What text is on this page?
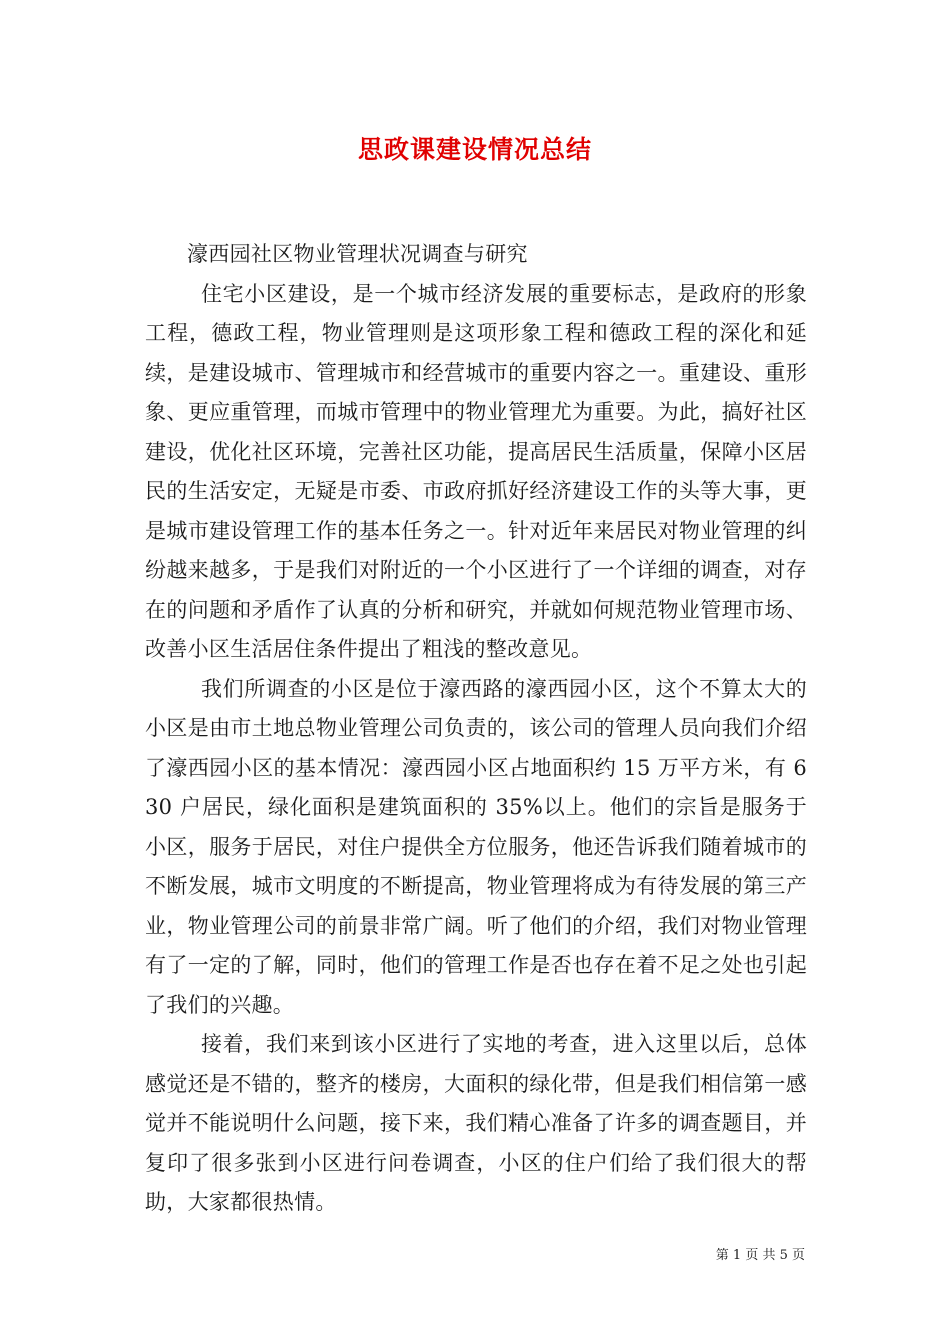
思政课建设情况总结

濠西园社区物业管理状况调查与研究

住宅小区建设，是一个城市经济发展的重要标志，是政府的形象工程，德政工程，物业管理则是这项形象工程和德政工程的深化和延续，是建设城市、管理城市和经营城市的重要内容之一。重建设、重形象、更应重管理，而城市管理中的物业管理尤为重要。为此，搞好社区建设，优化社区环境，完善社区功能，提高居民生活质量，保障小区居民的生活安定，无疑是市委、市政府抓好经济建设工作的头等大事，更是城市建设管理工作的基本任务之一。针对近年来居民对物业管理的纠纷越来越多，于是我们对附近的一个小区进行了一个详细的调查，对存在的问题和矛盾作了认真的分析和研究，并就如何规范物业管理市场、改善小区生活居住条件提出了粗浅的整改意见。

我们所调查的小区是位于濠西路的濠西园小区，这个不算太大的小区是由市土地总物业管理公司负责的，该公司的管理人员向我们介绍了濠西园小区的基本情况：濠西园小区占地面积约 15 万平方米，有 630 户居民，绿化面积是建筑面积的 35%以上。他们的宗旨是服务于小区，服务于居民，对住户提供全方位服务，他还告诉我们随着城市的不断发展，城市文明度的不断提高，物业管理将成为有待发展的第三产业，物业管理公司的前景非常广阔。听了他们的介绍，我们对物业管理有了一定的了解，同时，他们的管理工作是否也存在着不足之处也引起了我们的兴趣。

接着，我们来到该小区进行了实地的考查，进入这里以后，总体感觉还是不错的，整齐的楼房，大面积的绿化带，但是我们相信第一感觉并不能说明什么问题，接下来，我们精心准备了许多的调查题目，并复印了很多张到小区进行问卷调查，小区的住户们给了我们很大的帮助，大家都很热情。

第 1 页 共 5 页
